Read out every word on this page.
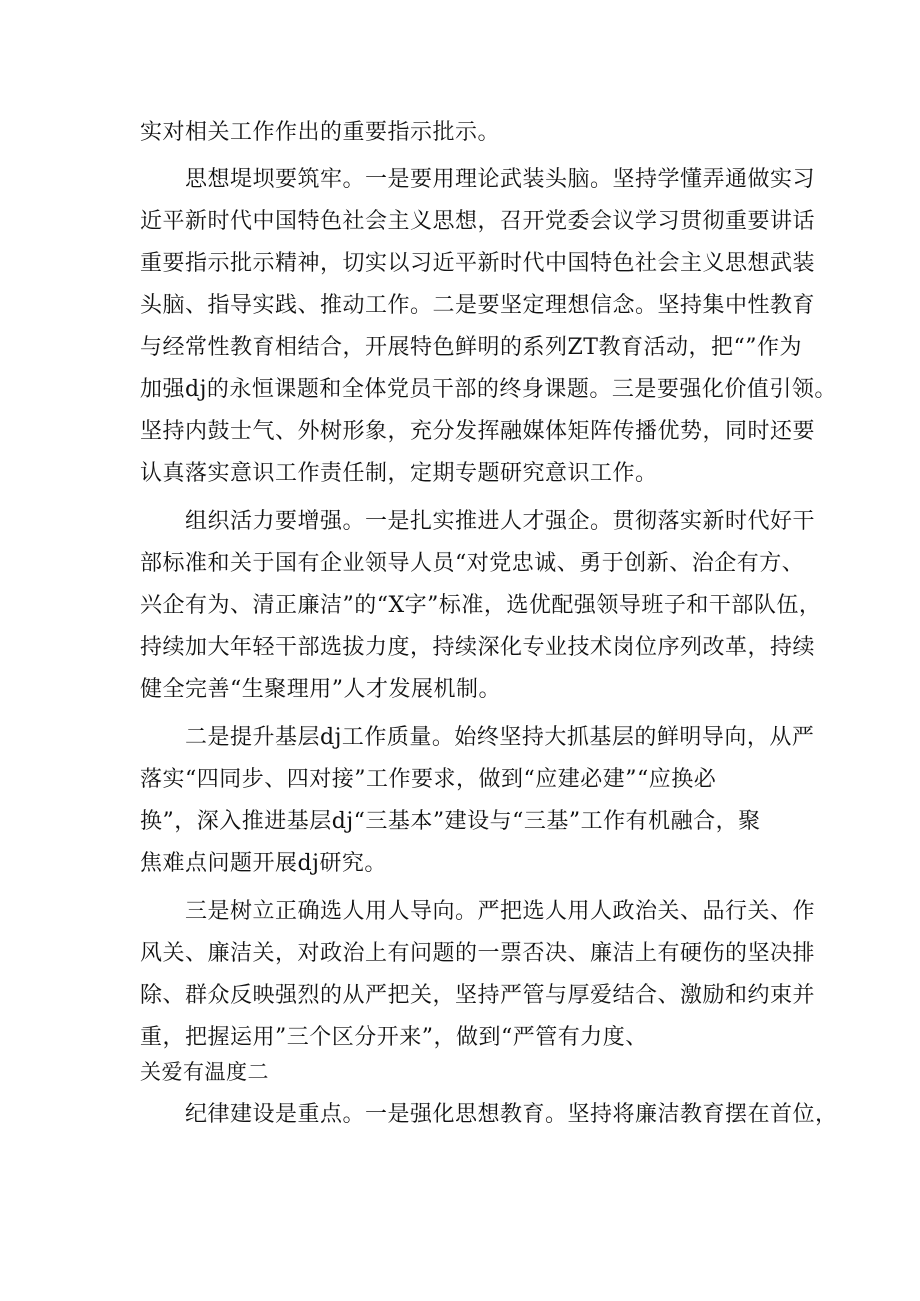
实对相关工作作出的重要指示批示。
思想堤坝要筑牢。一是要用理论武装头脑。坚持学懂弄通做实习
近平新时代中国特色社会主义思想，召开党委会议学习贯彻重要讲话
重要指示批示精神，切实以习近平新时代中国特色社会主义思想武装
头脑、指导实践、推动工作。二是要坚定理想信念。坚持集中性教育
与经常性教育相结合，开展特色鲜明的系列ZT教育活动，把“”作为
加强dj的永恒课题和全体党员干部的终身课题。三是要强化价值引领。
坚持内鼓士气、外树形象，充分发挥融媒体矩阵传播优势，同时还要
认真落实意识工作责任制，定期专题研究意识工作。
组织活力要增强。一是扎实推进人才强企。贯彻落实新时代好干
部标准和关于国有企业领导人员“对党忠诚、勇于创新、治企有方、
兴企有为、清正廉洁”的“X字”标准，选优配强领导班子和干部队伍，
持续加大年轻干部选拔力度，持续深化专业技术岗位序列改革，持续
健全完善“生聚理用”人才发展机制。
二是提升基层dj工作质量。始终坚持大抓基层的鲜明导向，从严
落实“四同步、四对接”工作要求，做到“应建必建”“应换必
换”，深入推进基层dj“三基本”建设与“三基”工作有机融合，聚
焦难点问题开展dj研究。
三是树立正确选人用人导向。严把选人用人政治关、品行关、作
风关、廉洁关，对政治上有问题的一票否决、廉洁上有硬伤的坚决排
除、群众反映强烈的从严把关，坚持严管与厚爱结合、激励和约束并
重，把握运用”三个区分开来”，做到“严管有力度、
关爱有温度二
纪律建设是重点。一是强化思想教育。坚持将廉洁教育摆在首位，
